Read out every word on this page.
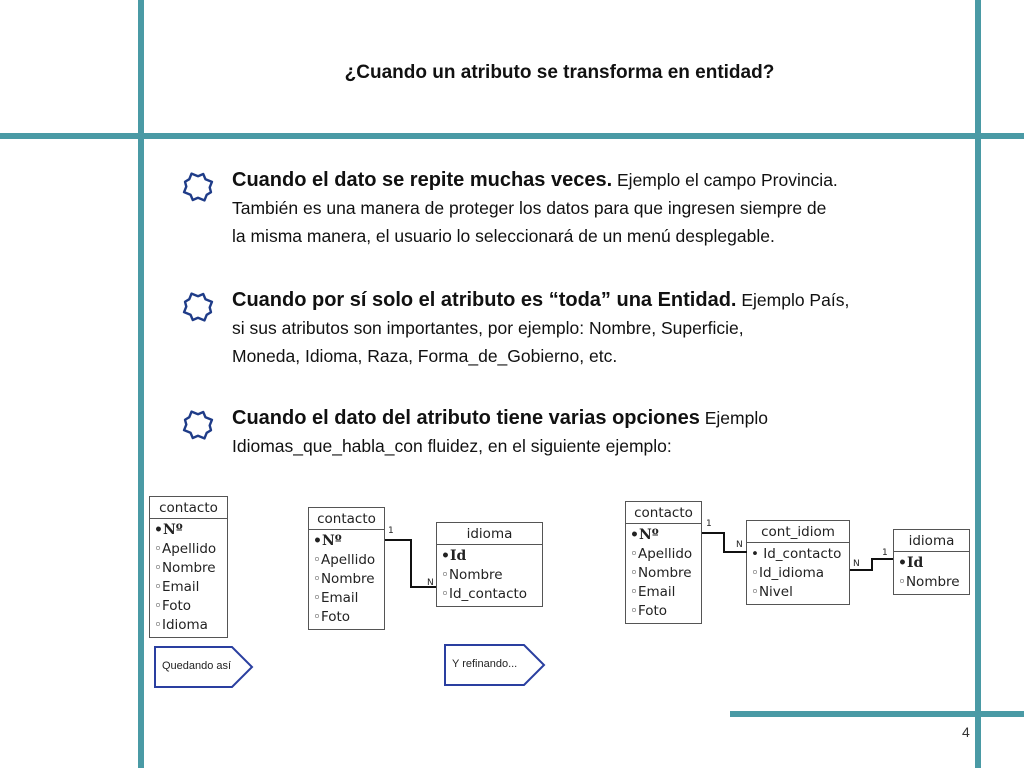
¿Cuando un atributo se transforma en entidad?
Cuando el dato se repite muchas veces. Ejemplo el campo Provincia.
También es una manera de proteger los datos para que ingresen siempre de
la misma manera, el usuario lo seleccionará de un menú desplegable.
Cuando por sí solo el atributo es “toda” una Entidad. Ejemplo País,
si sus atributos son importantes, por ejemplo: Nombre, Superficie,
Moneda, Idioma, Raza, Forma_de_Gobierno, etc.
Cuando el dato del atributo tiene varias opciones Ejemplo
Idiomas_que_habla_con fluidez, en el siguiente ejemplo:
contacto
•Nº
◦Apellido
◦Nombre
◦Email
◦Foto
◦Idioma
Quedando así
contacto
•Nº
◦Apellido
◦Nombre
◦Email
◦Foto
idioma
•Id
◦Nombre
◦Id_contacto
1
N
Y refinando...
contacto
•Nº
◦Apellido
◦Nombre
◦Email
◦Foto
cont_idiom
• Id_contacto
◦Id_idioma
◦Nivel
idioma
•Id
◦Nombre
1
N
N
1
4
